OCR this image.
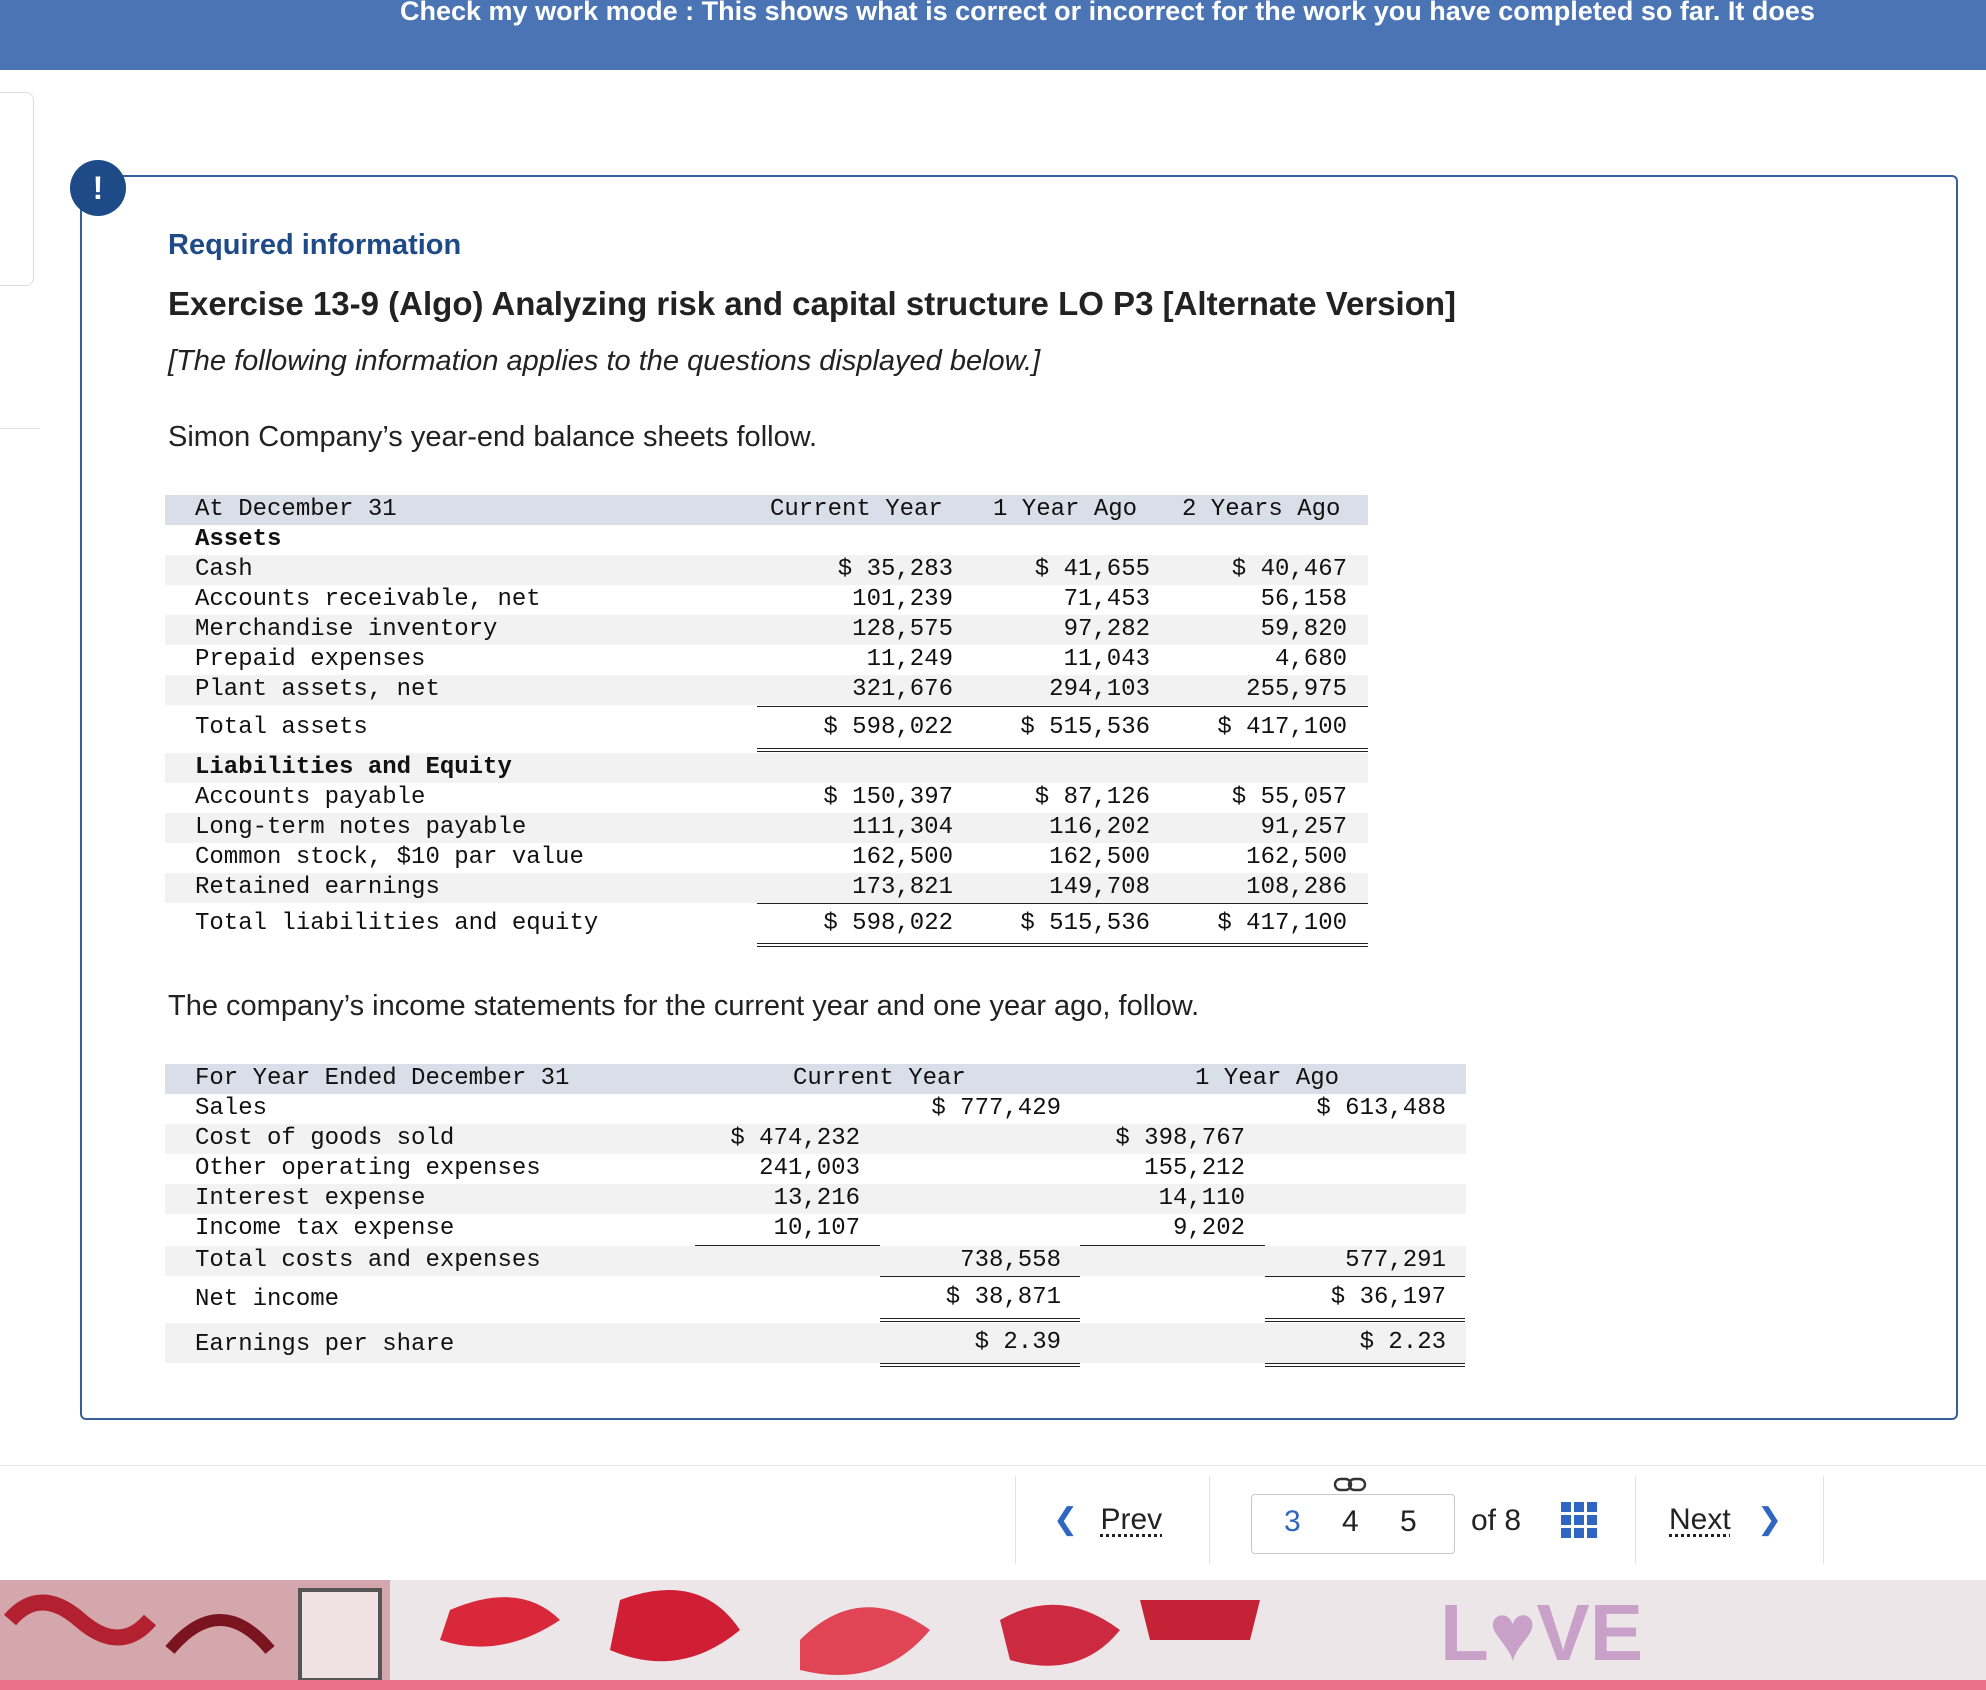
Check my work mode : This shows what is correct or incorrect for the work you have completed so far. It does
!
Required information
Exercise 13-9 (Algo) Analyzing risk and capital structure LO P3 [Alternate Version]
[The following information applies to the questions displayed below.]
Simon Company’s year-end balance sheets follow.
The company’s income statements for the current year and one year ago, follow.
At December 31	Current Year 1 Year Ago 2 Years Ago
Assets
Cash	$ 35,283	$ 41,655	$ 40,467
Accounts receivable, net	101,239	71,453	56,158
Merchandise inventory	128,575	97,282	59,820
Prepaid expenses	11,249	11,043	4,680
Plant assets, net	321,676	294,103	255,975
Total assets	$ 598,022	$ 515,536	$ 417,100
Liabilities and Equity
Accounts payable	$ 150,397	$ 87,126	$ 55,057
Long-term notes payable	111,304	116,202	91,257
Common stock, $10 par value	162,500	162,500	162,500
Retained earnings	173,821	149,708	108,286
Total liabilities and equity	$ 598,022	$ 515,536	$ 417,100
For Year Ended December 31	Current Year	1 Year Ago
Sales	$ 777,429	$ 613,488
Cost of goods sold	$ 474,232	$ 398,767
Other operating expenses	241,003	155,212
Interest expense	13,216	14,110
Income tax expense	10,107	9,202
Total costs and expenses	738,558	577,291
Net income	$ 38,871	$ 36,197
Earnings per share	$ 2.39	$ 2.23
❮ Prev	3 4 5 of 8	Next ❯
L♥VE
